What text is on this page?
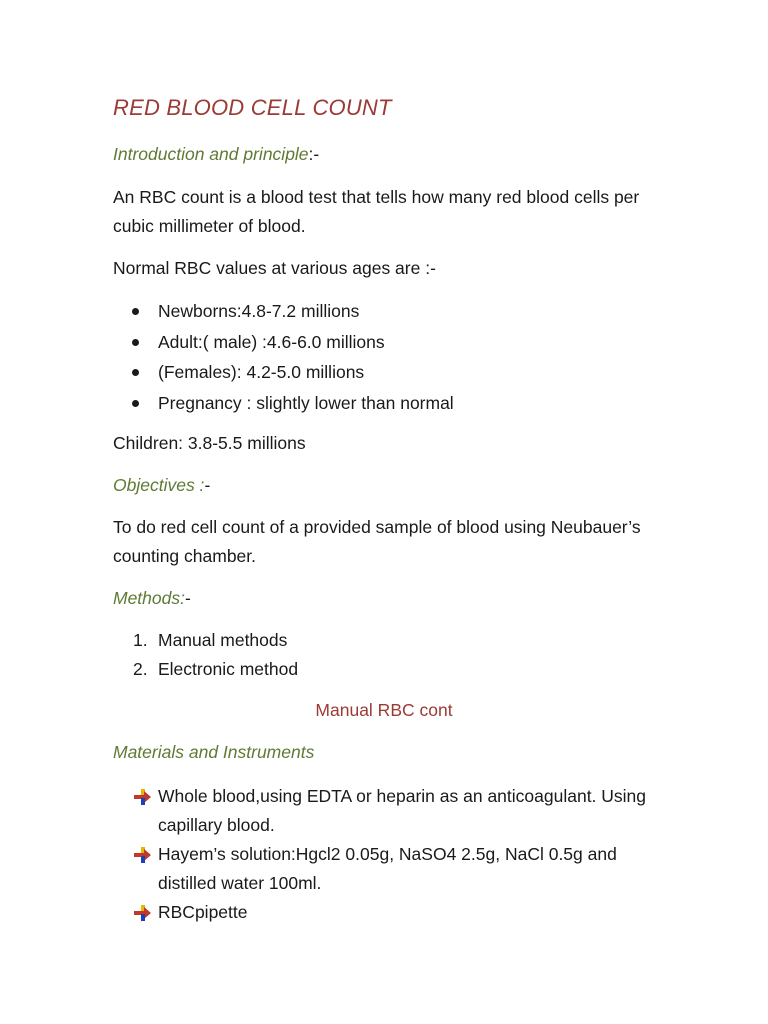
RED BLOOD CELL COUNT
Introduction and principle:-
An RBC count is a blood test that tells how many red blood cells per cubic millimeter of blood.
Normal RBC values at various ages are :-
Newborns:4.8-7.2 millions
Adult:( male) :4.6-6.0 millions
(Females): 4.2-5.0 millions
Pregnancy : slightly lower than normal
Children: 3.8-5.5 millions
Objectives :-
To do red cell count of a provided sample of blood using Neubauer’s counting chamber.
Methods:-
1. Manual methods
2. Electronic method
Manual RBC cont
Materials and Instruments
Whole blood,using EDTA or heparin as an anticoagulant. Using capillary blood.
Hayem’s solution:Hgcl2 0.05g, NaSO4 2.5g, NaCl 0.5g and distilled water 100ml.
RBCpipette
